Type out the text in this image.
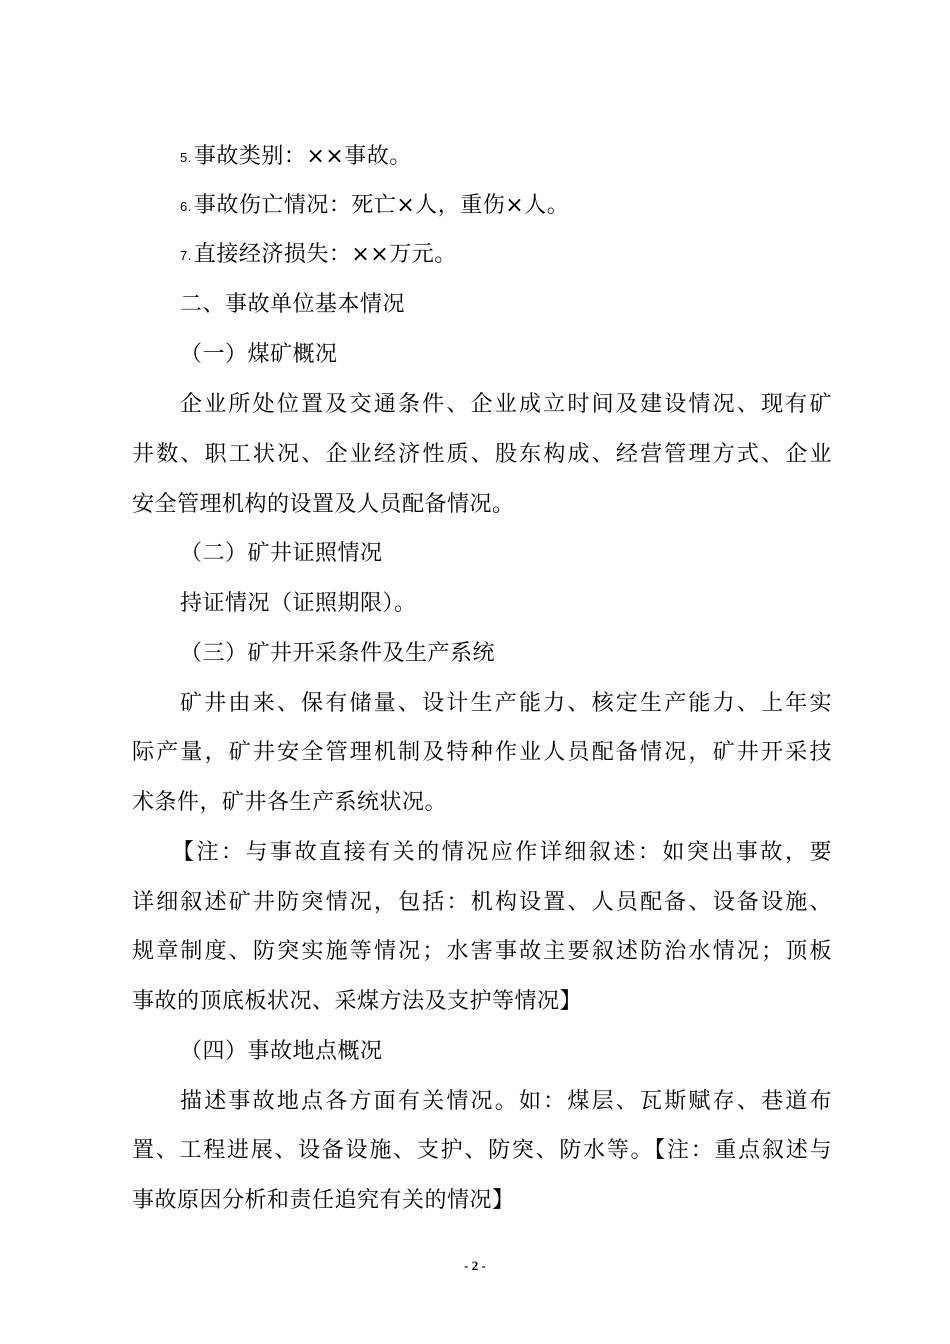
5.事故类别：××事故。
6.事故伤亡情况：死亡×人，重伤×人。
7.直接经济损失：××万元。
二、事故单位基本情况
（一）煤矿概况
企业所处位置及交通条件、企业成立时间及建设情况、现有矿
井数、职工状况、企业经济性质、股东构成、经营管理方式、企业
安全管理机构的设置及人员配备情况。
（二）矿井证照情况
持证情况（证照期限）。
（三）矿井开采条件及生产系统
矿井由来、保有储量、设计生产能力、核定生产能力、上年实
际产量，矿井安全管理机制及特种作业人员配备情况，矿井开采技
术条件，矿井各生产系统状况。
【注：与事故直接有关的情况应作详细叙述：如突出事故，要
详细叙述矿井防突情况，包括：机构设置、人员配备、设备设施、
规章制度、防突实施等情况；水害事故主要叙述防治水情况；顶板
事故的顶底板状况、采煤方法及支护等情况】
（四）事故地点概况
描述事故地点各方面有关情况。如：煤层、瓦斯赋存、巷道布
置、工程进展、设备设施、支护、防突、防水等。【注：重点叙述与
事故原因分析和责任追究有关的情况】
- 2 -
